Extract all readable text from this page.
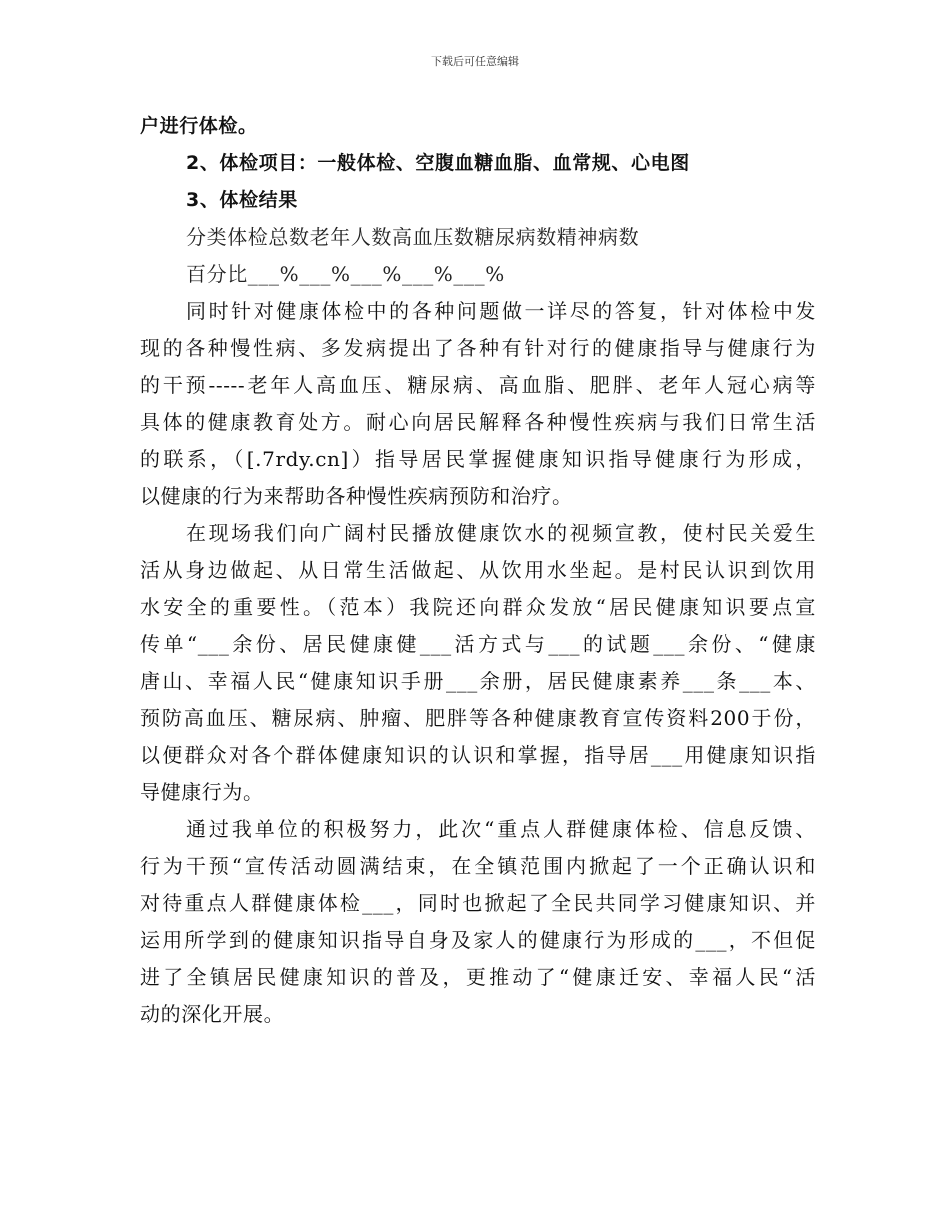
下载后可任意编辑
户进行体检。
2、体检项目：一般体检、空腹血糖血脂、血常规、心电图
3、体检结果
分类体检总数老年人数高血压数糖尿病数精神病数
百分比___%___%___%___%___%
同时针对健康体检中的各种问题做一详尽的答复，针对体检中发
现的各种慢性病、多发病提出了各种有针对行的健康指导与健康行为
的干预-----老年人高血压、糖尿病、高血脂、肥胖、老年人冠心病等
具体的健康教育处方。耐心向居民解释各种慢性疾病与我们日常生活
的联系，（[.7rdy.cn]）指导居民掌握健康知识指导健康行为形成，
以健康的行为来帮助各种慢性疾病预防和治疗。
在现场我们向广阔村民播放健康饮水的视频宣教，使村民关爱生
活从身边做起、从日常生活做起、从饮用水坐起。是村民认识到饮用
水安全的重要性。（范本）我院还向群众发放“居民健康知识要点宣
传单“___余份、居民健康健___活方式与___的试题___余份、“健康
唐山、幸福人民“健康知识手册___余册，居民健康素养___条___本、
预防高血压、糖尿病、肿瘤、肥胖等各种健康教育宣传资料200于份，
以便群众对各个群体健康知识的认识和掌握，指导居___用健康知识指
导健康行为。
通过我单位的积极努力，此次“重点人群健康体检、信息反馈、
行为干预“宣传活动圆满结束，在全镇范围内掀起了一个正确认识和
对待重点人群健康体检___，同时也掀起了全民共同学习健康知识、并
运用所学到的健康知识指导自身及家人的健康行为形成的___，不但促
进了全镇居民健康知识的普及，更推动了“健康迁安、幸福人民“活
动的深化开展。
